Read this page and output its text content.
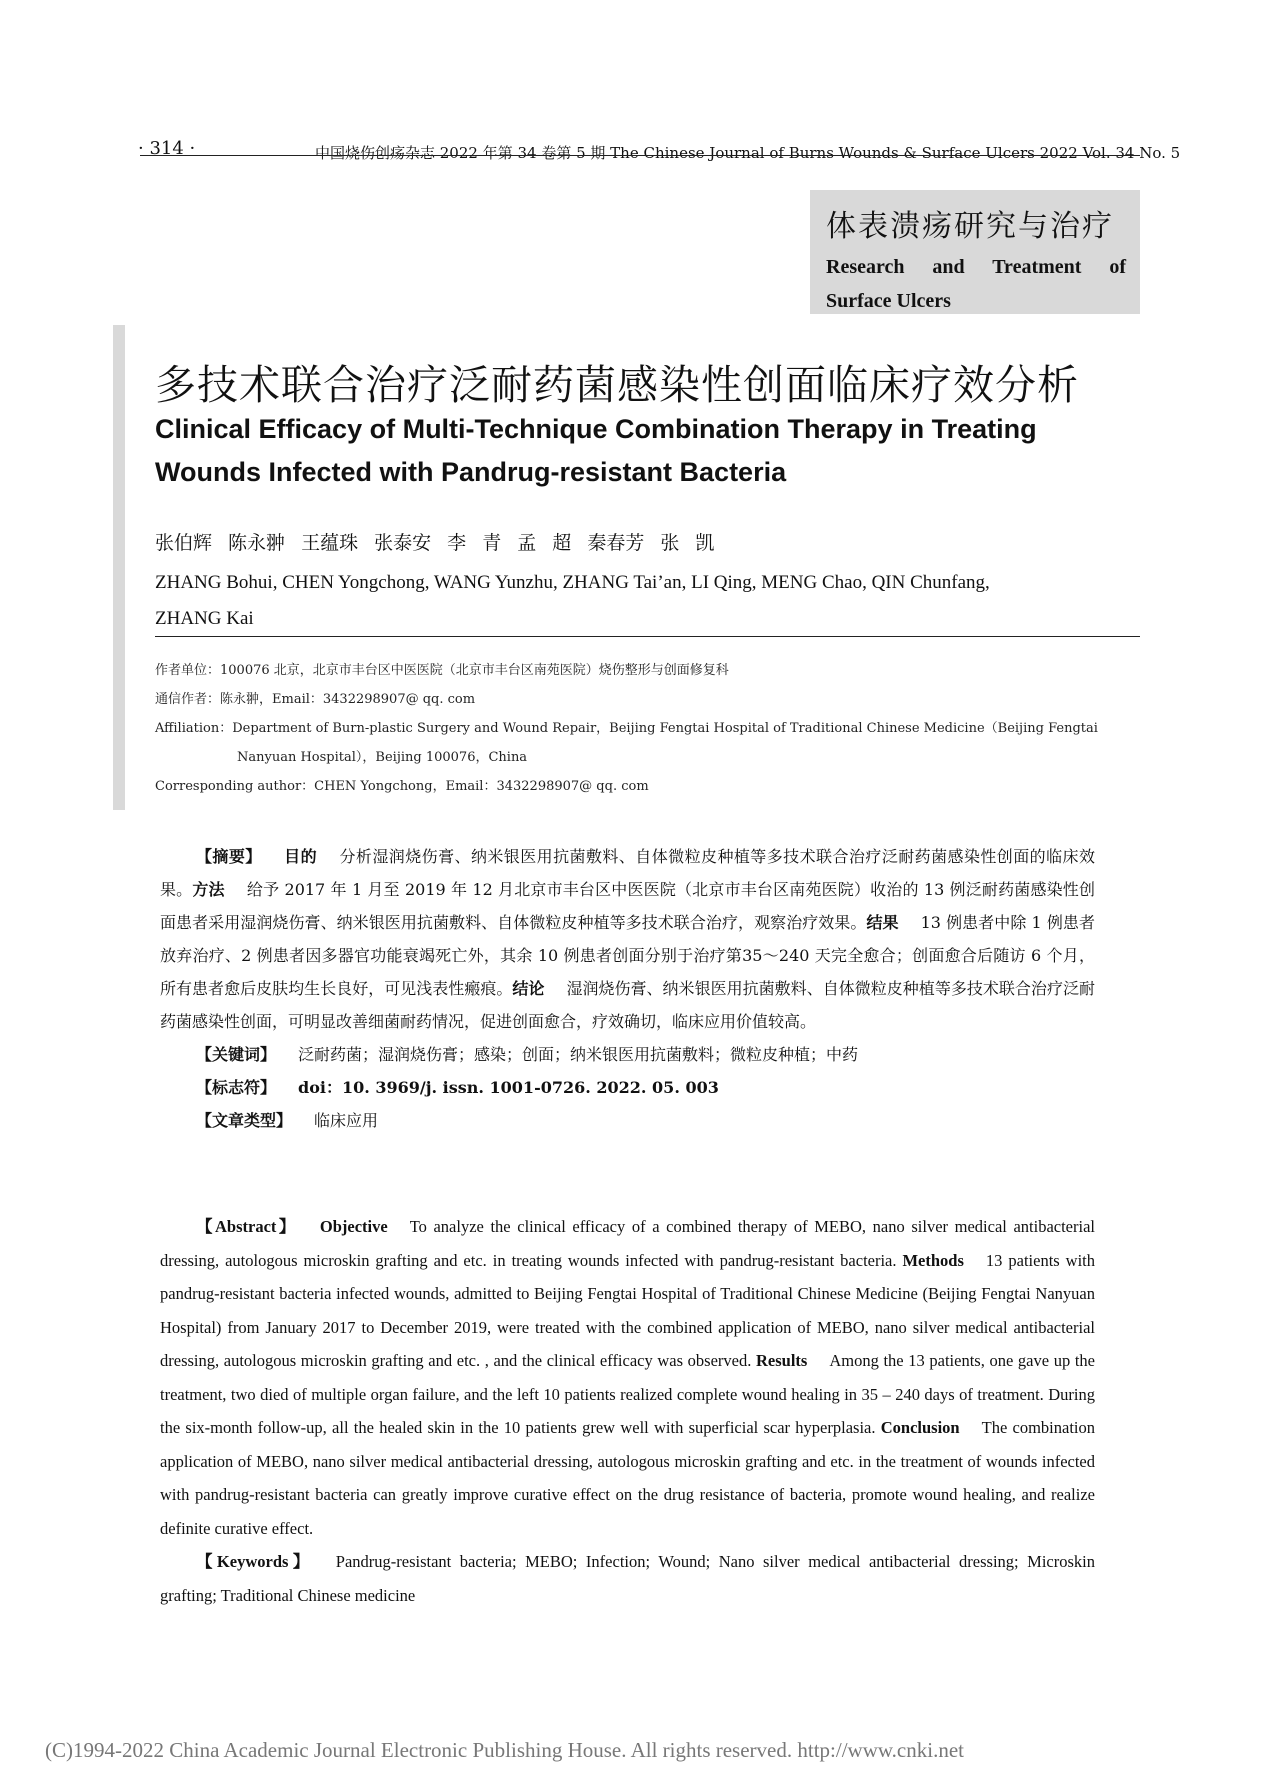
· 314 ·	中国烧伤创疡杂志 2022 年第 34 卷第 5 期 The Chinese Journal of Burns Wounds & Surface Ulcers 2022 Vol. 34 No. 5
体表溃疡研究与治疗
Research and Treatment of
Surface Ulcers
多技术联合治疗泛耐药菌感染性创面临床疗效分析
Clinical Efficacy of Multi-Technique Combination Therapy in Treating Wounds Infected with Pandrug-resistant Bacteria
张伯辉 陈永翀 王蕴珠 张泰安 李 青 孟 超 秦春芳 张 凯
ZHANG Bohui, CHEN Yongchong, WANG Yunzhu, ZHANG Tai’an, LI Qing, MENG Chao, QIN Chunfang, ZHANG Kai

作者单位：100076 北京，北京市丰台区中医医院（北京市丰台区南苑医院）烧伤整形与创面修复科

通信作者：陈永翀，Email：3432298907@ qq. com

Affiliation：Department of Burn-plastic Surgery and Wound Repair，Beijing Fengtai Hospital of Traditional Chinese Medicine（Beijing Fengtai Nanyuan Hospital），Beijing 100076，China

Corresponding author：CHEN Yongchong，Email：3432298907@ qq. com

【摘要】 目的 分析湿润烧伤膏、纳米银医用抗菌敷料、自体微粒皮种植等多技术联合治疗泛耐药菌感染性创面的临床效果。方法 给予 2017 年 1 月至 2019 年 12 月北京市丰台区中医医院（北京市丰台区南苑医院）收治的 13 例泛耐药菌感染性创面患者采用湿润烧伤膏、纳米银医用抗菌敷料、自体微粒皮种植等多技术联合治疗，观察治疗效果。结果 13 例患者中除 1 例患者放弃治疗、2 例患者因多器官功能衰竭死亡外，其余 10 例患者创面分别于治疗第35～240 天完全愈合；创面愈合后随访 6 个月，所有患者愈后皮肤均生长良好，可见浅表性瘢痕。结论 湿润烧伤膏、纳米银医用抗菌敷料、自体微粒皮种植等多技术联合治疗泛耐药菌感染性创面，可明显改善细菌耐药情况，促进创面愈合，疗效确切，临床应用价值较高。

【关键词】 泛耐药菌；湿润烧伤膏；感染；创面；纳米银医用抗菌敷料；微粒皮种植；中药

【标志符】 doi：10. 3969/j. issn. 1001-0726. 2022. 05. 003

【文章类型】 临床应用

【Abstract】 Objective To analyze the clinical efficacy of a combined therapy of MEBO, nano silver medical antibacterial dressing, autologous microskin grafting and etc. in treating wounds infected with pandrug-resistant bacteria. Methods 13 patients with pandrug-resistant bacteria infected wounds, admitted to Beijing Fengtai Hospital of Traditional Chinese Medicine (Beijing Fengtai Nanyuan Hospital) from January 2017 to December 2019, were treated with the combined application of MEBO, nano silver medical antibacterial dressing, autologous microskin grafting and etc. , and the clinical efficacy was observed. Results Among the 13 patients, one gave up the treatment, two died of multiple organ failure, and the left 10 patients realized complete wound healing in 35 – 240 days of treatment. During the six-month follow-up, all the healed skin in the 10 patients grew well with superficial scar hyperplasia. Conclusion The combination application of MEBO, nano silver medical antibacterial dressing, autologous microskin grafting and etc. in the treatment of wounds infected with pandrug-resistant bacteria can greatly improve curative effect on the drug resistance of bacteria, promote wound healing, and realize definite curative effect.

【Keywords】 Pandrug-resistant bacteria; MEBO; Infection; Wound; Nano silver medical antibacterial dressing; Microskin grafting; Traditional Chinese medicine

(C)1994-2022 China Academic Journal Electronic Publishing House. All rights reserved. http://www.cnki.net
